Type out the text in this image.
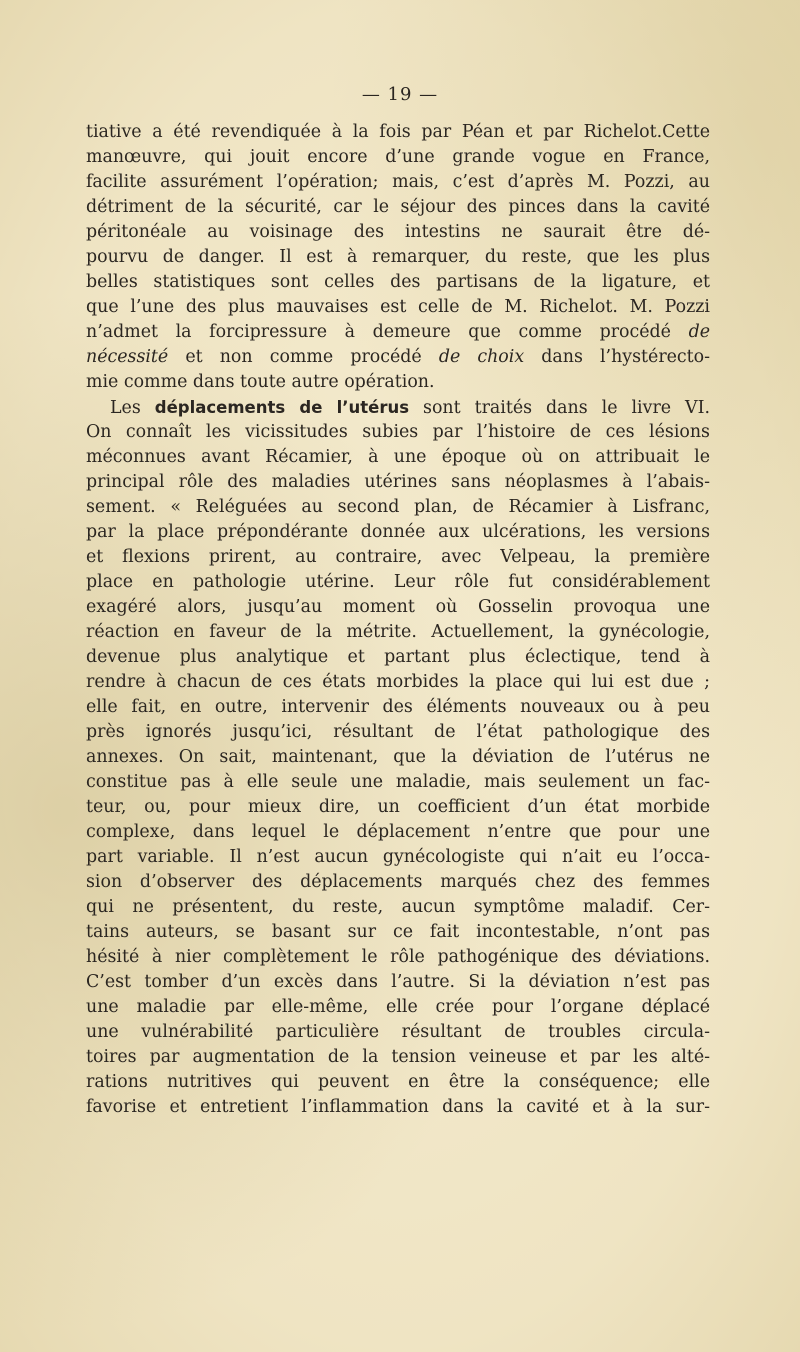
— 19 —
tiative a été revendiquée à la fois par Péan et par Richelot.Cette
manœuvre, qui jouit encore d’une grande vogue en France,
facilite assurément l’opération; mais, c’est d’après M. Pozzi, au
détriment de la sécurité, car le séjour des pinces dans la cavité
péritonéale au voisinage des intestins ne saurait être dé-
pourvu de danger. Il est à remarquer, du reste, que les plus
belles statistiques sont celles des partisans de la ligature, et
que l’une des plus mauvaises est celle de M. Richelot. M. Pozzi
n’admet la forcipressure à demeure que comme procédé de
nécessité et non comme procédé de choix dans l’hystérecto-
mie comme dans toute autre opération.
Les déplacements de l’utérus sont traités dans le livre VI.
On connaît les vicissitudes subies par l’histoire de ces lésions
méconnues avant Récamier, à une époque où on attribuait le
principal rôle des maladies utérines sans néoplasmes à l’abais-
sement. « Reléguées au second plan, de Récamier à Lisfranc,
par la place prépondérante donnée aux ulcérations, les versions
et flexions prirent, au contraire, avec Velpeau, la première
place en pathologie utérine. Leur rôle fut considérablement
exagéré alors, jusqu’au moment où Gosselin provoqua une
réaction en faveur de la métrite. Actuellement, la gynécologie,
devenue plus analytique et partant plus éclectique, tend à
rendre à chacun de ces états morbides la place qui lui est due ;
elle fait, en outre, intervenir des éléments nouveaux ou à peu
près ignorés jusqu’ici, résultant de l’état pathologique des
annexes. On sait, maintenant, que la déviation de l’utérus ne
constitue pas à elle seule une maladie, mais seulement un fac-
teur, ou, pour mieux dire, un coefficient d’un état morbide
complexe, dans lequel le déplacement n’entre que pour une
part variable. Il n’est aucun gynécologiste qui n’ait eu l’occa-
sion d’observer des déplacements marqués chez des femmes
qui ne présentent, du reste, aucun symptôme maladif. Cer-
tains auteurs, se basant sur ce fait incontestable, n’ont pas
hésité à nier complètement le rôle pathogénique des déviations.
C’est tomber d’un excès dans l’autre. Si la déviation n’est pas
une maladie par elle-même, elle crée pour l’organe déplacé
une vulnérabilité particulière résultant de troubles circula-
toires par augmentation de la tension veineuse et par les alté-
rations nutritives qui peuvent en être la conséquence; elle
favorise et entretient l’inflammation dans la cavité et à la sur-
